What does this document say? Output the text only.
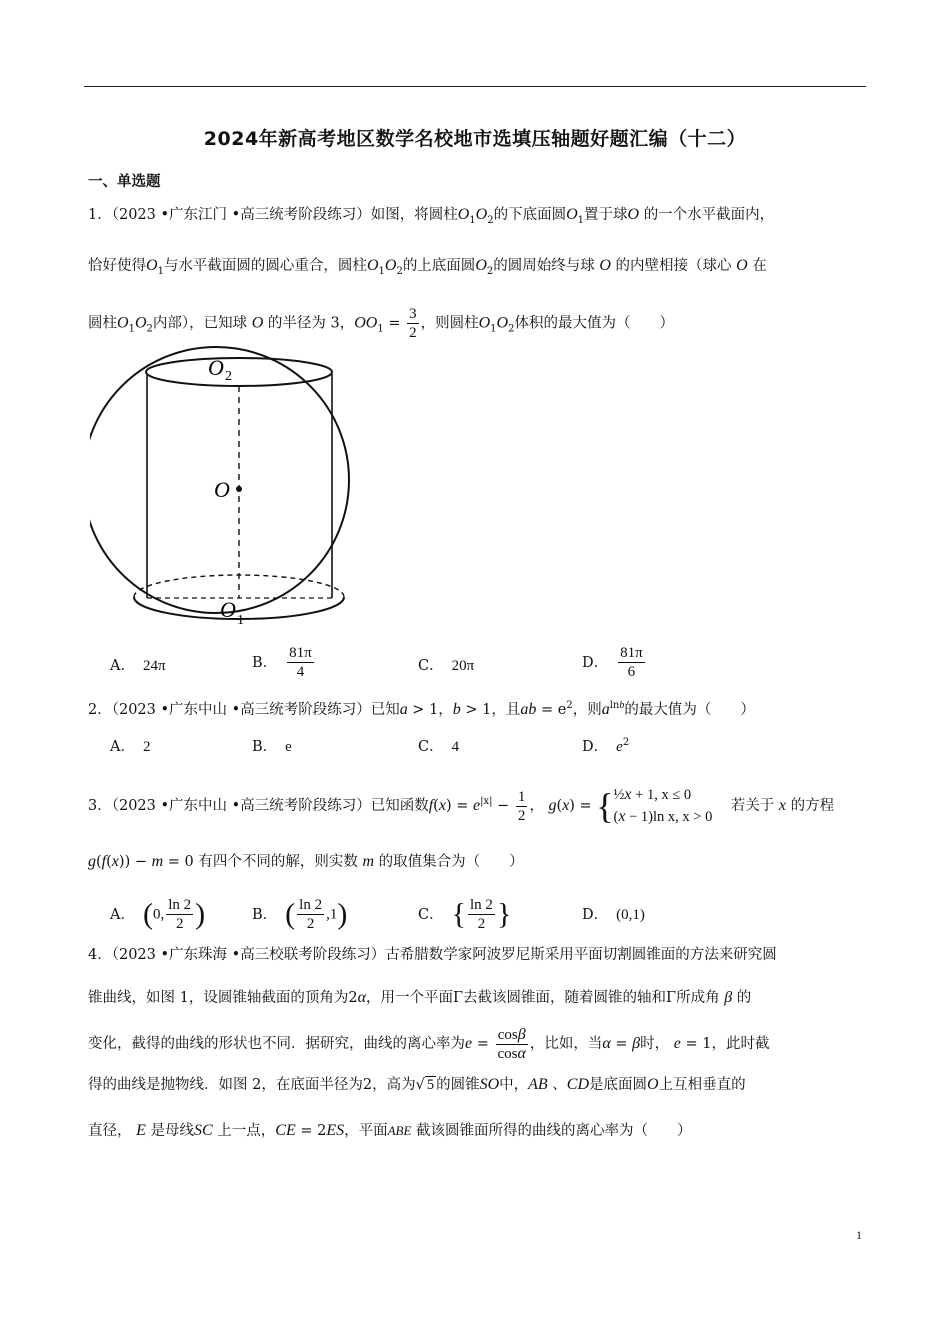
2024年新高考地区数学名校地市选填压轴题好题汇编（十二）
一、单选题
1．（2023 •广东江门 •高三统考阶段练习）如图，将圆柱$O_1O_2$的下底面圆$O_1$置于球O 的一个水平截面内，
恰好使得$O_1$与水平截面圆的圆心重合，圆柱$O_1O_2$的上底面圆$O_2$的圆周始终与球 O 的内壁相接（球心 O 在
圆柱$O_1O_2$内部），已知球 O 的半径为 3，$OO_1 = \frac{3}{2}$ ，则圆柱$O_1O_2$体积的最大值为（　　）
O 2
O
O 1
A． 24π	B． $\frac{81\pi}{4}$	C． 20π	D． $\frac{81\pi}{6}$
2．（2023 •广东中山 •高三统考阶段练习）已知a > 1，b > 1，且ab = $e^2$，则$a^{lnb}$的最大值为（　　）
A． 2	B． e	C． 4	D． $e^2$
3．（2023 •广东中山 •高三统考阶段练习）已知函数$f(x) = e^{|x|} - \frac{1}{2}$ ， g(x) = { ½x + 1, x ≤ 0
(x − 1)ln x, x > 0
若关于 x 的方程
g(f(x)) − m = 0 有四个不同的解，则实数 m 的取值集合为（　　）
A． (0, $\frac{\ln 2}{2}$ )	B． ( $\frac{\ln 2}{2} ,1$)	C． { $\frac{\ln 2}{2}$ }	D． (0,1)
4．（2023 •广东珠海 •高三校联考阶段练习）古希腊数学家阿波罗尼斯采用平面切割圆锥面的方法来研究圆
锥曲线，如图 1，设圆锥轴截面的顶角为2α，用一个平面Γ去截该圆锥面，随着圆锥的轴和Γ所成角 β 的
变化，截得的曲线的形状也不同．据研究，曲线的离心率为$e = \frac{\cos\beta}{\cos\alpha}$ ，比如，当α = β时， e = 1，此时截
得的曲线是抛物线．如图 2，在底面半径为2，高为√ 5 的圆锥SO中，AB 、CD是底面圆O上互相垂直的
直径， E 是母线SC 上一点，CE = 2ES，平面ABE 截该圆锥面所得的曲线的离心率为（　　）
1
